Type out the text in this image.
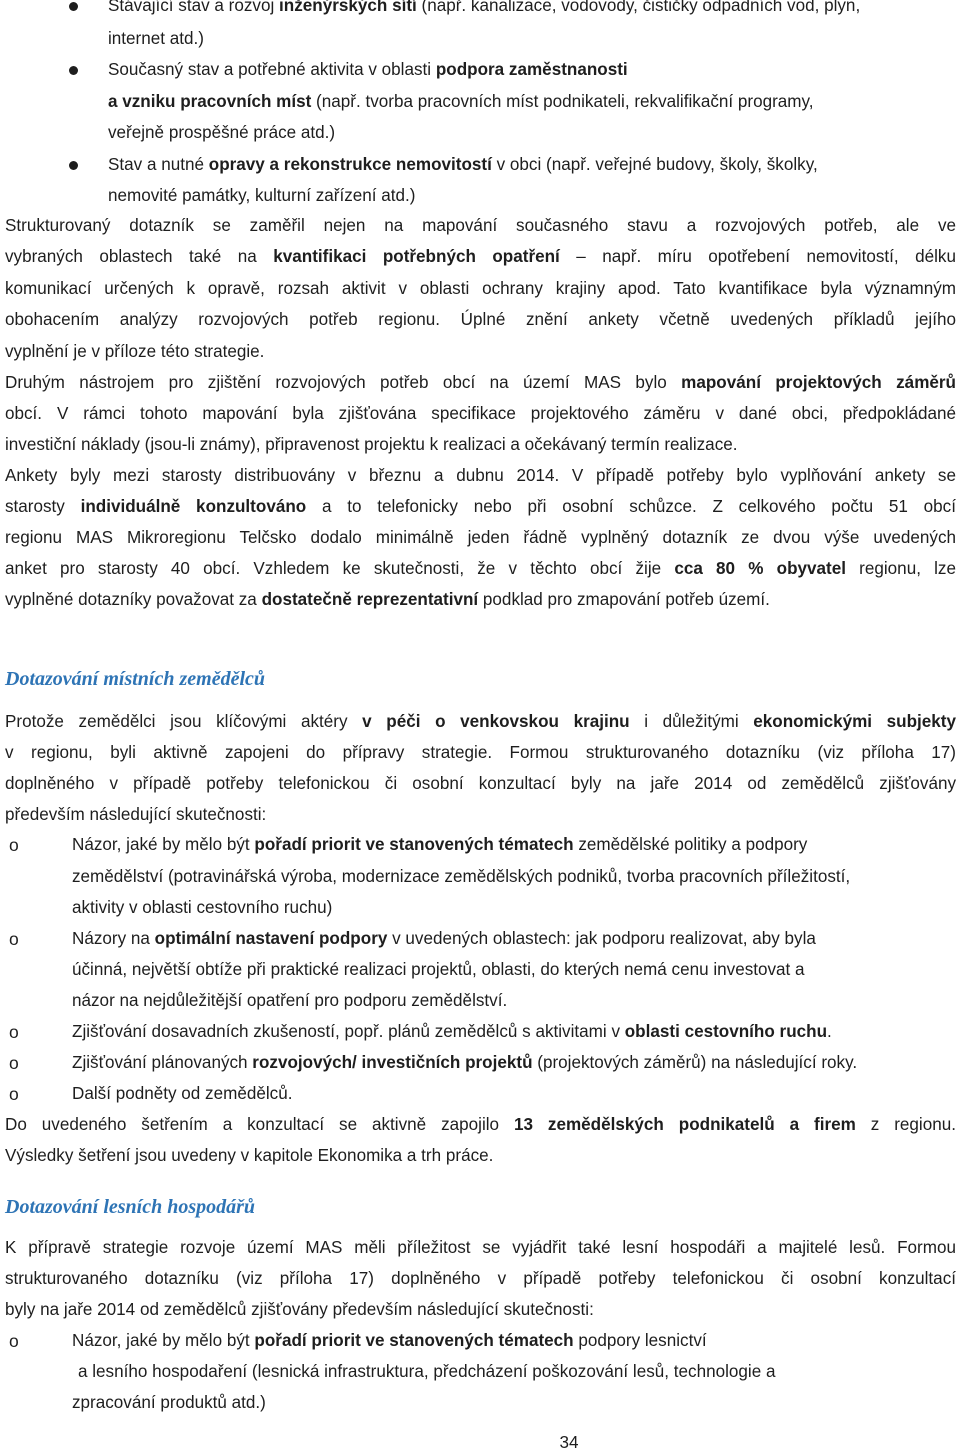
Stávající stav a rozvoj inženýrských sítí (např. kanalizace, vodovody, čističky odpadních vod, plyn,
internet atd.)
Současný stav a potřebné aktivita v oblasti podpora zaměstnanosti
a vzniku pracovních míst (např. tvorba pracovních míst podnikateli, rekvalifikační programy,
veřejně prospěšné práce atd.)
Stav a nutné opravy a rekonstrukce nemovitostí v obci (např. veřejné budovy, školy, školky,
nemovité památky, kulturní zařízení atd.)
Strukturovaný dotazník se zaměřil nejen na mapování současného stavu a rozvojových potřeb, ale ve
vybraných oblastech také na kvantifikaci potřebných opatření – např. míru opotřebení nemovitostí, délku
komunikací určených k opravě, rozsah aktivit v oblasti ochrany krajiny apod. Tato kvantifikace byla významným
obohacením analýzy rozvojových potřeb regionu. Úplné znění ankety včetně uvedených příkladů jejího
vyplnění je v příloze této strategie.
Druhým nástrojem pro zjištění rozvojových potřeb obcí na území MAS bylo mapování projektových záměrů
obcí. V rámci tohoto mapování byla zjišťována specifikace projektového záměru v dané obci, předpokládané
investiční náklady (jsou-li známy), připravenost projektu k realizaci a očekávaný termín realizace.
Ankety byly mezi starosty distribuovány v březnu a dubnu 2014. V případě potřeby bylo vyplňování ankety se
starosty individuálně konzultováno a to telefonicky nebo při osobní schůzce. Z celkového počtu 51 obcí
regionu MAS Mikroregionu Telčsko dodalo minimálně jeden řádně vyplněný dotazník ze dvou výše uvedených
anket pro starosty 40 obcí. Vzhledem ke skutečnosti, že v těchto obcí žije cca 80 % obyvatel regionu, lze
vyplněné dotazníky považovat za dostatečně reprezentativní podklad pro zmapování potřeb území.
Dotazování místních zemědělců
Protože zemědělci jsou klíčovými aktéry v péči o venkovskou krajinu i důležitými ekonomickými subjekty
v regionu, byli aktivně zapojeni do přípravy strategie. Formou strukturovaného dotazníku (viz příloha 17)
doplněného v případě potřeby telefonickou či osobní konzultací byly na jaře 2014 od zemědělců zjišťovány
především následující skutečnosti:
o	Názor, jaké by mělo být pořadí priorit ve stanovených tématech zemědělské politiky a podpory
zemědělství (potravinářská výroba, modernizace zemědělských podniků, tvorba pracovních příležitostí,
aktivity v oblasti cestovního ruchu)
o	Názory na optimální nastavení podpory v uvedených oblastech: jak podporu realizovat, aby byla
účinná, největší obtíže při praktické realizaci projektů, oblasti, do kterých nemá cenu investovat a
názor na nejdůležitější opatření pro podporu zemědělství.
o	Zjišťování dosavadních zkušeností, popř. plánů zemědělců s aktivitami v oblasti cestovního ruchu.
o	Zjišťování plánovaných rozvojových/ investičních projektů (projektových záměrů) na následující roky.
o	Další podněty od zemědělců.
Do uvedeného šetřením a konzultací se aktivně zapojilo 13 zemědělských podnikatelů a firem z regionu.
Výsledky šetření jsou uvedeny v kapitole Ekonomika a trh práce.
Dotazování lesních hospodářů
K přípravě strategie rozvoje území MAS měli příležitost se vyjádřit také lesní hospodáři a majitelé lesů. Formou
strukturovaného dotazníku (viz příloha 17) doplněného v případě potřeby telefonickou či osobní konzultací
byly na jaře 2014 od zemědělců zjišťovány především následující skutečnosti:
o	Názor, jaké by mělo být pořadí priorit ve stanovených tématech podpory lesnictví
a lesního hospodaření (lesnická infrastruktura, předcházení poškozování lesů, technologie a
zpracování produktů atd.)
34
